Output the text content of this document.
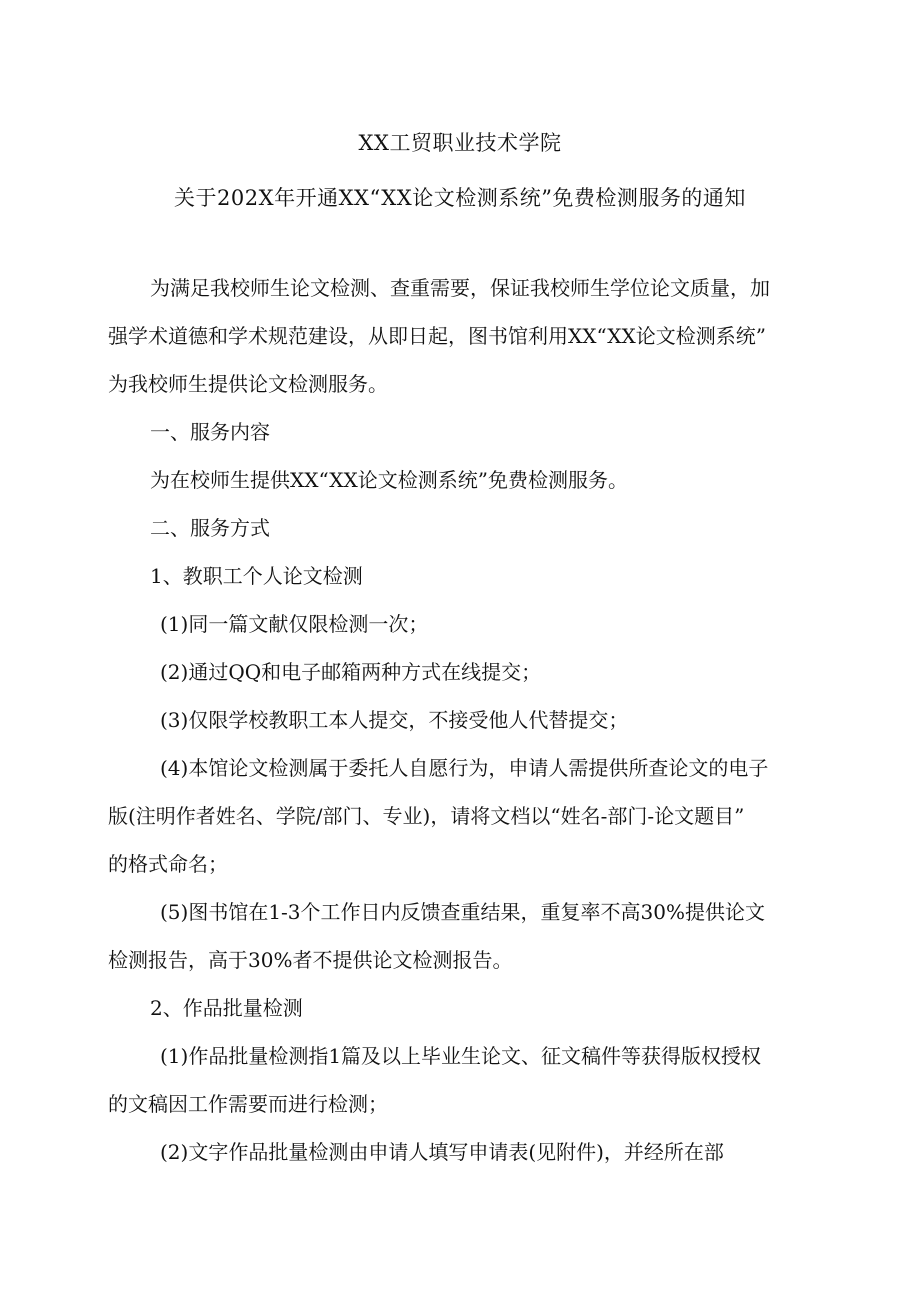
XX工贸职业技术学院
关于202X年开通XX“XX论文检测系统”免费检测服务的通知
为满足我校师生论文检测、查重需要，保证我校师生学位论文质量，加
强学术道德和学术规范建设，从即日起，图书馆利用XX“XX论文检测系统”
为我校师生提供论文检测服务。
一、服务内容
为在校师生提供XX“XX论文检测系统”免费检测服务。
二、服务方式
1、教职工个人论文检测
(1)同一篇文献仅限检测一次；
(2)通过QQ和电子邮箱两种方式在线提交；
(3)仅限学校教职工本人提交，不接受他人代替提交；
(4)本馆论文检测属于委托人自愿行为，申请人需提供所查论文的电子
版(注明作者姓名、学院/部门、专业)，请将文档以“姓名-部门-论文题目”
的格式命名；
(5)图书馆在1-3个工作日内反馈查重结果，重复率不高30%提供论文
检测报告，高于30%者不提供论文检测报告。
2、作品批量检测
(1)作品批量检测指1篇及以上毕业生论文、征文稿件等获得版权授权
的文稿因工作需要而进行检测；
(2)文字作品批量检测由申请人填写申请表(见附件)，并经所在部
